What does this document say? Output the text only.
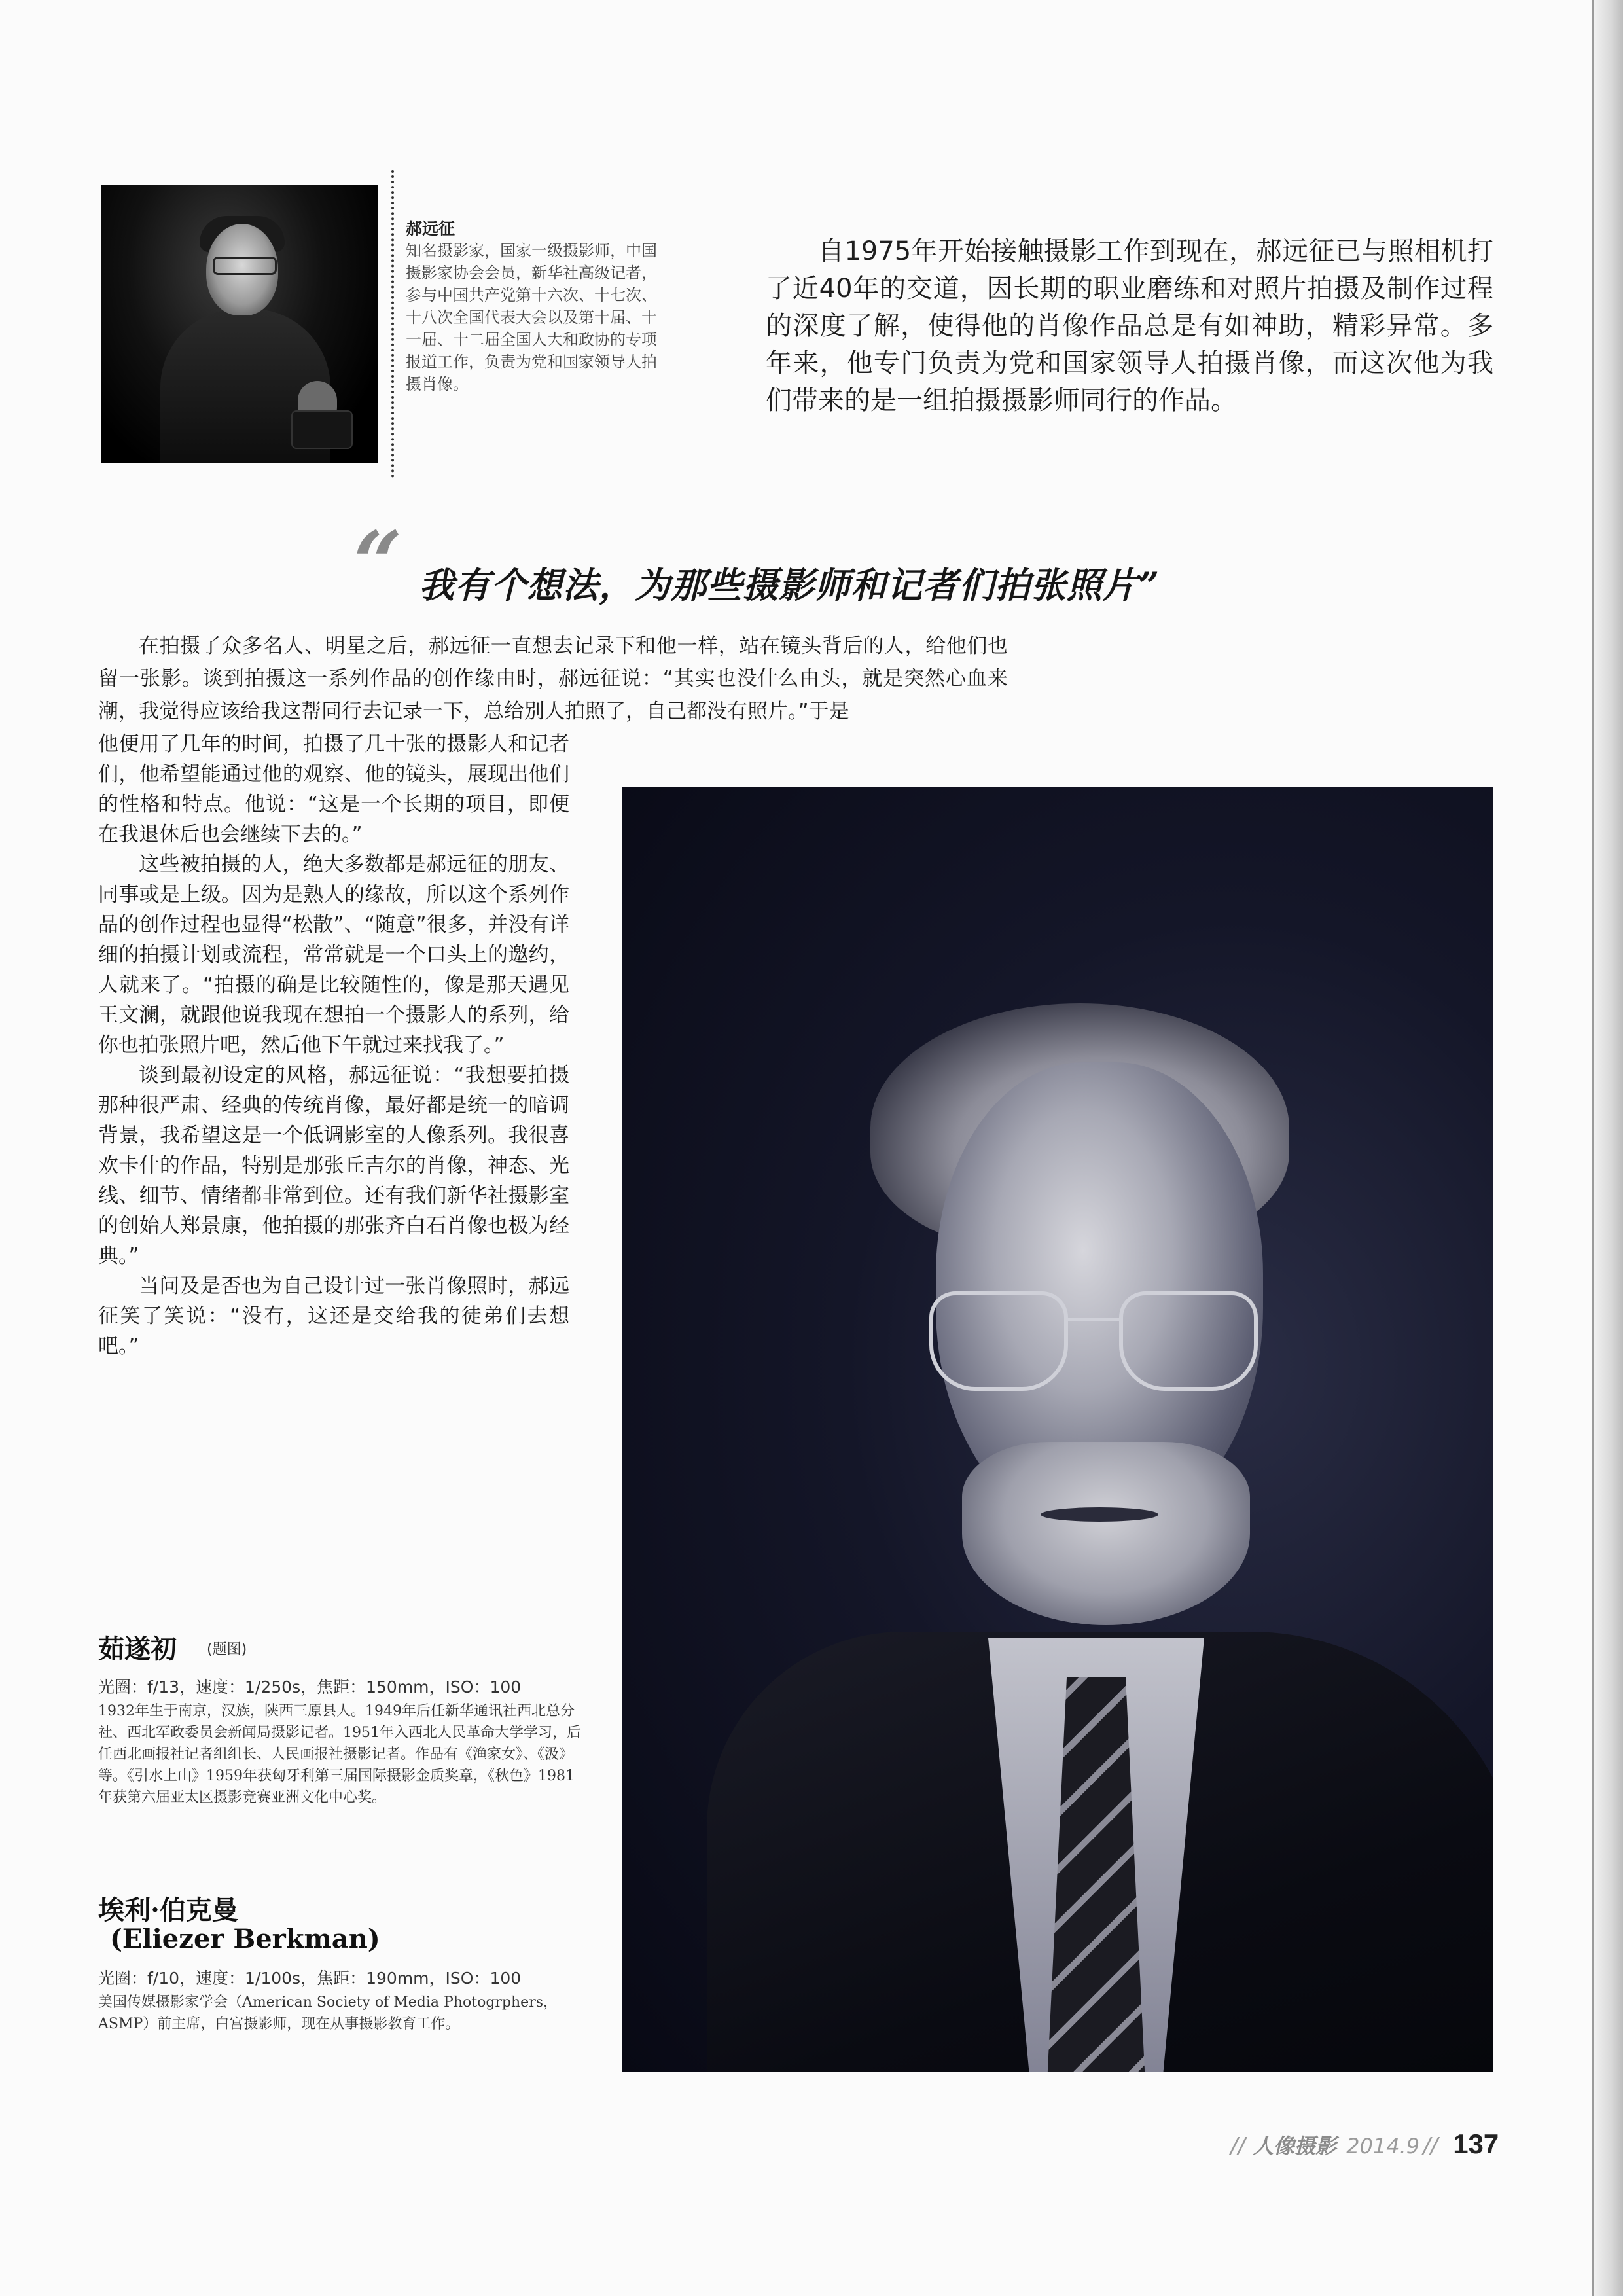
郝远征
知名摄影家，国家一级摄影师，中国摄影家协会会员，新华社高级记者，参与中国共产党第十六次、十七次、十八次全国代表大会以及第十届、十一届、十二届全国人大和政协的专项报道工作，负责为党和国家领导人拍摄肖像。
自1975年开始接触摄影工作到现在，郝远征已与照相机打了近40年的交道，因长期的职业磨练和对照片拍摄及制作过程的深度了解，使得他的肖像作品总是有如神助，精彩异常。多年来，他专门负责为党和国家领导人拍摄肖像，而这次他为我们带来的是一组拍摄摄影师同行的作品。
“ 我有个想法，为那些摄影师和记者们拍张照片”
在拍摄了众多名人、明星之后，郝远征一直想去记录下和他一样，站在镜头背后的人，给他们也留一张影。谈到拍摄这一系列作品的创作缘由时，郝远征说：“其实也没什么由头，就是突然心血来潮，我觉得应该给我这帮同行去记录一下，总给别人拍照了，自己都没有照片。”于是

他便用了几年的时间，拍摄了几十张的摄影人和记者们，他希望能通过他的观察、他的镜头，展现出他们的性格和特点。他说：“这是一个长期的项目，即便在我退休后也会继续下去的。”

这些被拍摄的人，绝大多数都是郝远征的朋友、同事或是上级。因为是熟人的缘故，所以这个系列作品的创作过程也显得“松散”、“随意”很多，并没有详细的拍摄计划或流程，常常就是一个口头上的邀约，人就来了。“拍摄的确是比较随性的，像是那天遇见王文澜，就跟他说我现在想拍一个摄影人的系列，给你也拍张照片吧，然后他下午就过来找我了。”

谈到最初设定的风格，郝远征说：“我想要拍摄那种很严肃、经典的传统肖像，最好都是统一的暗调背景，我希望这是一个低调影室的人像系列。我很喜欢卡什的作品，特别是那张丘吉尔的肖像，神态、光线、细节、情绪都非常到位。还有我们新华社摄影室的创始人郑景康，他拍摄的那张齐白石肖像也极为经典。”

当问及是否也为自己设计过一张肖像照时，郝远征笑了笑说：“没有，这还是交给我的徒弟们去想吧。”

茹遂初 (题图)
光圈：f/13，速度：1/250s，焦距：150mm，ISO：100
1932年生于南京，汉族，陕西三原县人。1949年后任新华通讯社西北总分社、西北军政委员会新闻局摄影记者。1951年入西北人民革命大学学习，后任西北画报社记者组组长、人民画报社摄影记者。作品有《渔家女》、《汲》等。《引水上山》1959年获匈牙利第三届国际摄影金质奖章，《秋色》1981年获第六届亚太区摄影竞赛亚洲文化中心奖。
埃利·伯克曼
(Eliezer Berkman)
光圈：f/10，速度：1/100s，焦距：190mm，ISO：100
美国传媒摄影家学会（American Society of Media Photogrphers，ASMP）前主席，白宫摄影师，现在从事摄影教育工作。
// 人像摄影 2014.9 // 137
